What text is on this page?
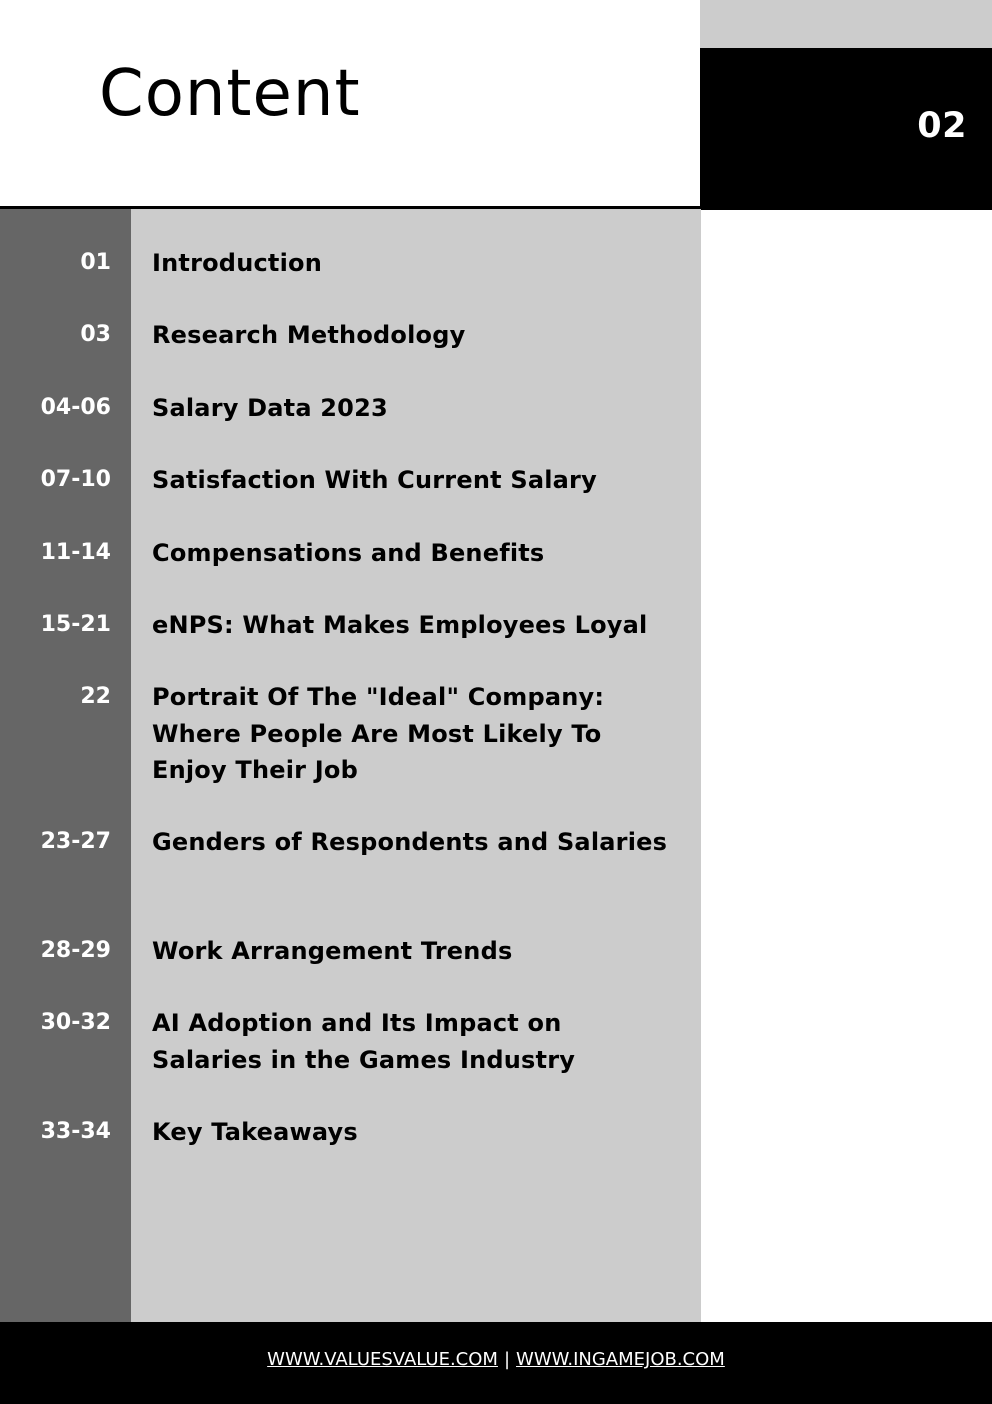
02
Content
01 Introduction
03 Research Methodology
04-06 Salary Data 2023
07-10 Satisfaction With Current Salary
11-14 Compensations and Benefits
15-21 eNPS: What Makes Employees Loyal
22 Portrait Of The "Ideal" Company: Where People Are Most Likely To Enjoy Their Job
23-27 Genders of Respondents and Salaries
28-29 Work Arrangement Trends
30-32 AI Adoption and Its Impact on Salaries in the Games Industry
33-34 Key Takeaways
WWW.VALUESVALUE.COM | WWW.INGAMEJOB.COM
